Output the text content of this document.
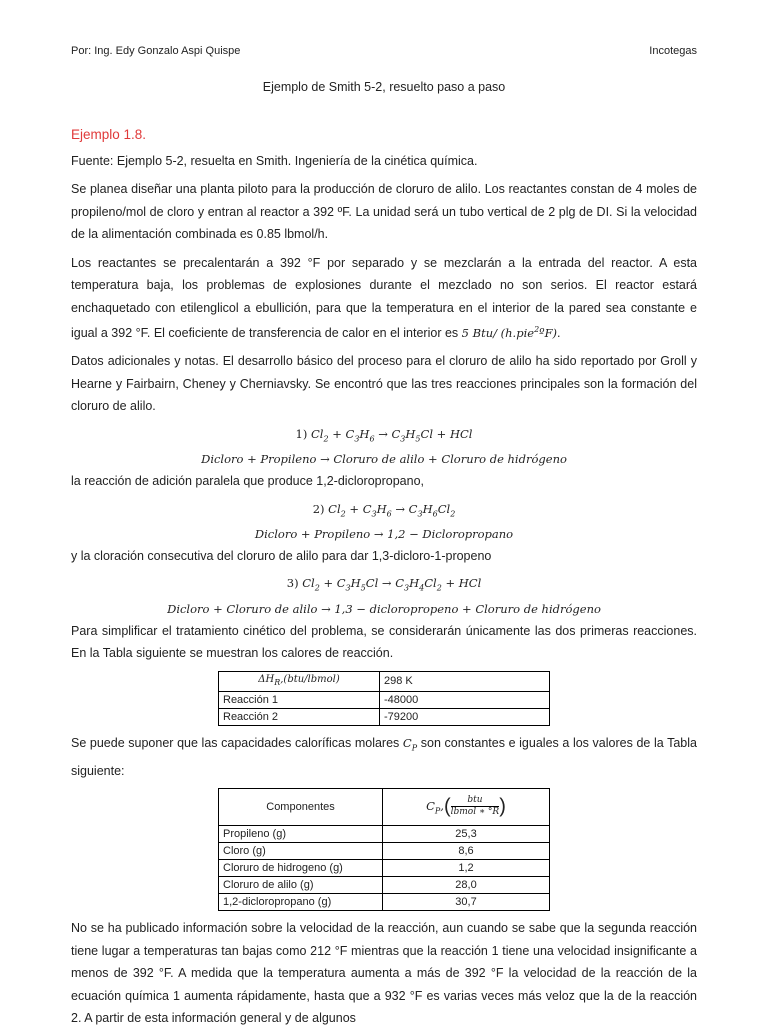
Por: Ing. Edy Gonzalo Aspi Quispe	Incotegas
Ejemplo de Smith 5-2, resuelto paso a paso

Ejemplo 1.8.

Fuente: Ejemplo 5-2, resuelta en Smith. Ingeniería de la cinética química.

Se planea diseñar una planta piloto para la producción de cloruro de alilo. Los reactantes constan de 4 moles de propileno/mol de cloro y entran al reactor a 392 ºF. La unidad será un tubo vertical de 2 plg de DI. Si la velocidad de la alimentación combinada es 0.85 lbmol/h.

Los reactantes se precalentarán a 392 °F por separado y se mezclarán a la entrada del reactor. A esta temperatura baja, los problemas de explosiones durante el mezclado no son serios. El reactor estará enchaquetado con etilenglicol a ebullición, para que la temperatura en el interior de la pared sea constante e igual a 392 °F. El coeficiente de transferencia de calor en el interior es 5 Btu/ (h.pie$^2$ºF).

Datos adicionales y notas. El desarrollo básico del proceso para el cloruro de alilo ha sido reportado por Groll y Hearne y Fairbairn, Cheney y Cherniavsky. Se encontró que las tres reacciones principales son la formación del cloruro de alilo.

1) $Cl_2 + C_3H_6 \to C_3H_5Cl$ + HCl
Dicloro + Propileno → Cloruro de alilo + Cloruro de hidrógeno

la reacción de adición paralela que produce 1,2-dicloropropano,

2) $Cl_2 + C_3H_6 \to C_3H_6Cl_2$
Dicloro + Propileno → 1,2 − Dicloropropano

y la cloración consecutiva del cloruro de alilo para dar 1,3-dicloro-1-propeno

3) $Cl_2 + C_3H_5Cl \to C_3H_4Cl_2$ + HCl
Dicloro + Cloruro de alilo → 1,3 − dicloropropeno + Cloruro de hidrógeno

Para simplificar el tratamiento cinético del problema, se considerarán únicamente las dos primeras reacciones. En la Tabla siguiente se muestran los calores de reacción.

$\Delta H_R,(btu/lbmol)$	298 K
Reacción 1	-48000
Reacción 2	-79200

Se puede suponer que las capacidades caloríficas molares $C_P$ son constantes e iguales a los valores de la Tabla siguiente:

Componentes	$C_P,( \frac{\text{btu}}{\text{lbmol ∗ °R}}$ )
Propileno (g)	25,3
Cloro (g)	8,6
Cloruro de hidrogeno (g)	1,2
Cloruro de alilo (g)	28,0
1,2-dicloropropano (g)	30,7

No se ha publicado información sobre la velocidad de la reacción, aun cuando se sabe que la segunda reacción tiene lugar a temperaturas tan bajas como 212 °F mientras que la reacción 1 tiene una velocidad insignificante a menos de 392 °F. A medida que la temperatura aumenta a más de 392 °F la velocidad de la reacción de la ecuación química 1 aumenta rápidamente, hasta que a 932 °F es varias veces más veloz que la de la reacción 2. A partir de esta información general y de algunos
